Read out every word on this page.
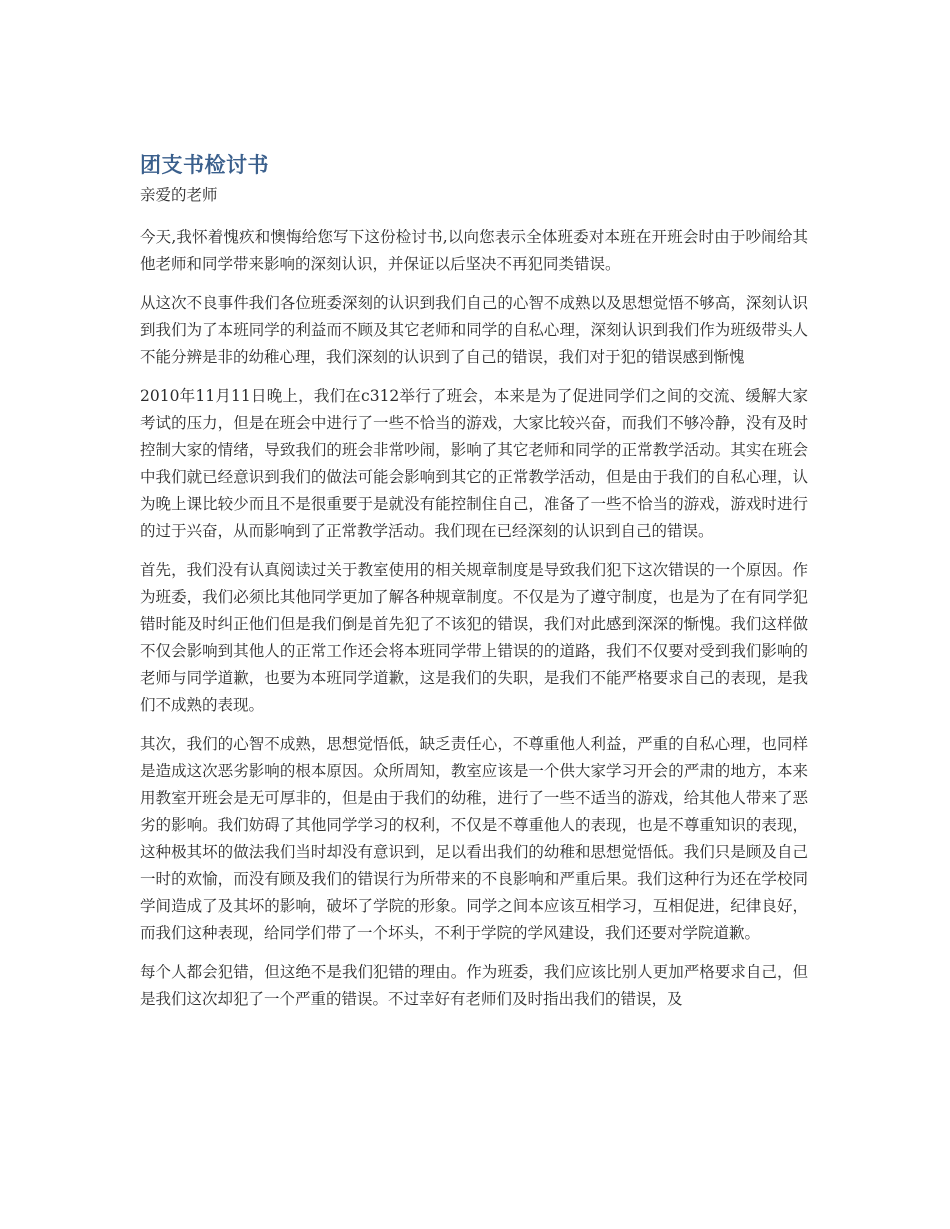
团支书检讨书
亲爱的老师

今天,我怀着愧疚和懊悔给您写下这份检讨书,以向您表示全体班委对本班在开班会时由于吵闹给其他老师和同学带来影响的深刻认识，并保证以后坚决不再犯同类错误。

从这次不良事件我们各位班委深刻的认识到我们自己的心智不成熟以及思想觉悟不够高，深刻认识到我们为了本班同学的利益而不顾及其它老师和同学的自私心理，深刻认识到我们作为班级带头人不能分辨是非的幼稚心理，我们深刻的认识到了自己的错误，我们对于犯的错误感到惭愧

2010年11月11日晚上，我们在c312举行了班会，本来是为了促进同学们之间的交流、缓解大家考试的压力，但是在班会中进行了一些不恰当的游戏，大家比较兴奋，而我们不够冷静，没有及时控制大家的情绪，导致我们的班会非常吵闹，影响了其它老师和同学的正常教学活动。其实在班会中我们就已经意识到我们的做法可能会影响到其它的正常教学活动，但是由于我们的自私心理，认为晚上课比较少而且不是很重要于是就没有能控制住自己，准备了一些不恰当的游戏，游戏时进行的过于兴奋，从而影响到了正常教学活动。我们现在已经深刻的认识到自己的错误。

首先，我们没有认真阅读过关于教室使用的相关规章制度是导致我们犯下这次错误的一个原因。作为班委，我们必须比其他同学更加了解各种规章制度。不仅是为了遵守制度，也是为了在有同学犯错时能及时纠正他们但是我们倒是首先犯了不该犯的错误，我们对此感到深深的惭愧。我们这样做不仅会影响到其他人的正常工作还会将本班同学带上错误的的道路，我们不仅要对受到我们影响的老师与同学道歉，也要为本班同学道歉，这是我们的失职，是我们不能严格要求自己的表现，是我们不成熟的表现。

其次，我们的心智不成熟，思想觉悟低，缺乏责任心，不尊重他人利益，严重的自私心理，也同样是造成这次恶劣影响的根本原因。众所周知，教室应该是一个供大家学习开会的严肃的地方，本来用教室开班会是无可厚非的，但是由于我们的幼稚，进行了一些不适当的游戏，给其他人带来了恶劣的影响。我们妨碍了其他同学学习的权利，不仅是不尊重他人的表现，也是不尊重知识的表现，这种极其坏的做法我们当时却没有意识到，足以看出我们的幼稚和思想觉悟低。我们只是顾及自己一时的欢愉，而没有顾及我们的错误行为所带来的不良影响和严重后果。我们这种行为还在学校同学间造成了及其坏的影响，破坏了学院的形象。同学之间本应该互相学习，互相促进，纪律良好，而我们这种表现，给同学们带了一个坏头，不利于学院的学风建设，我们还要对学院道歉。

每个人都会犯错，但这绝不是我们犯错的理由。作为班委，我们应该比别人更加严格要求自己，但是我们这次却犯了一个严重的错误。不过幸好有老师们及时指出我们的错误，及
